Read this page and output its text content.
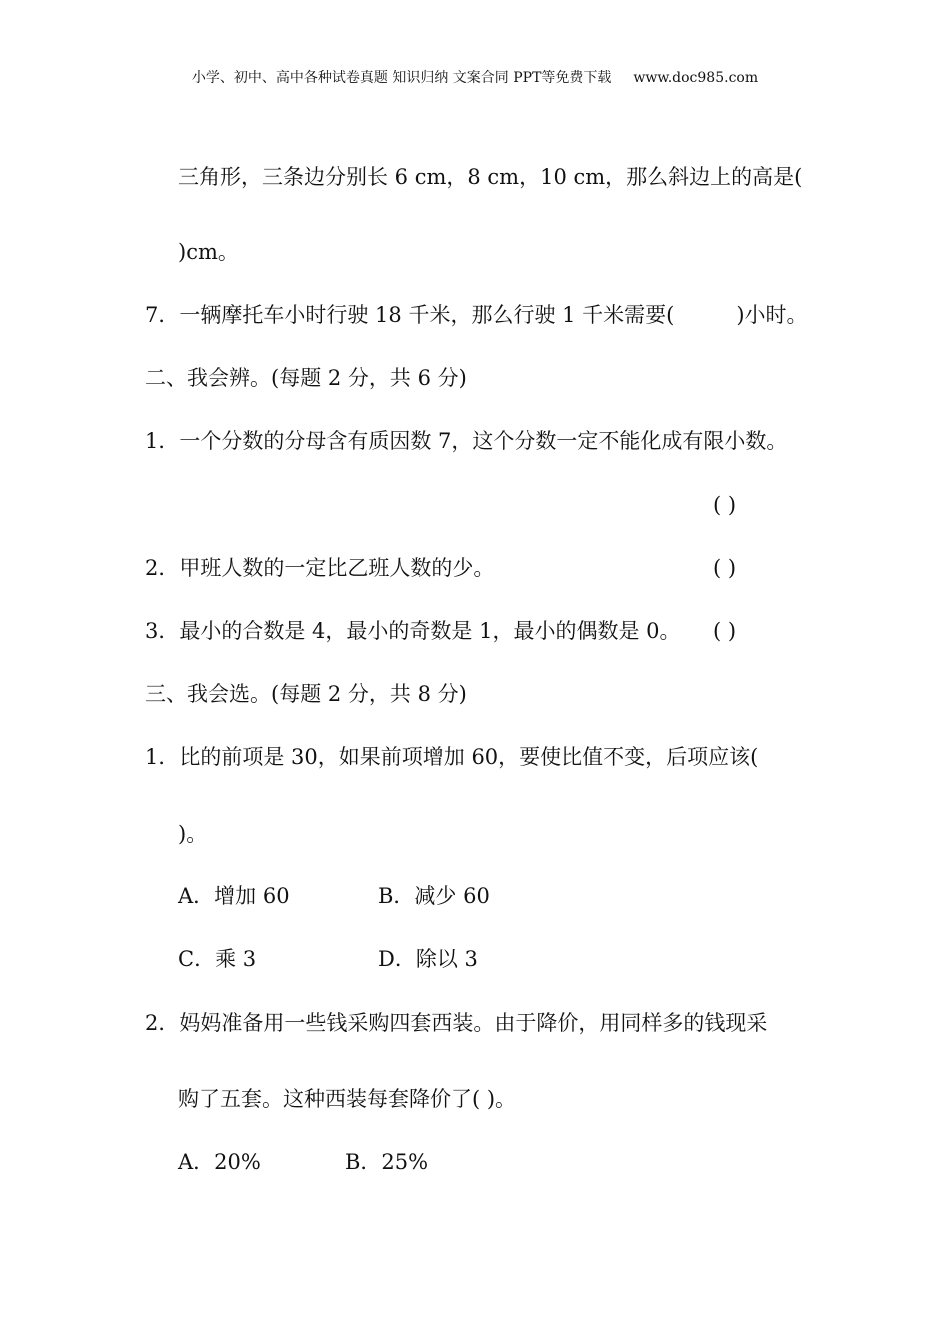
小学、初中、高中各种试卷真题 知识归纳 文案合同 PPT等免费下载 www.doc985.com
三角形，三条边分别长 6 cm，8 cm，10 cm，那么斜边上的高是(
)cm。
7．一辆摩托车小时行驶 18 千米，那么行驶 1 千米需要(	)小时。
二、我会辨。(每题 2 分，共 6 分)
1．一个分数的分母含有质因数 7，这个分数一定不能化成有限小数。
( )
2．甲班人数的一定比乙班人数的少。	( )
3．最小的合数是 4，最小的奇数是 1，最小的偶数是 0。 ( )
三、我会选。(每题 2 分，共 8 分)
1．比的前项是 30，如果前项增加 60，要使比值不变，后项应该(
)。
A．增加 60	B．减少 60
C．乘 3	D．除以 3
2．妈妈准备用一些钱采购四套西装。由于降价，用同样多的钱现采
购了五套。这种西装每套降价了( )。
A．20%	B．25%
